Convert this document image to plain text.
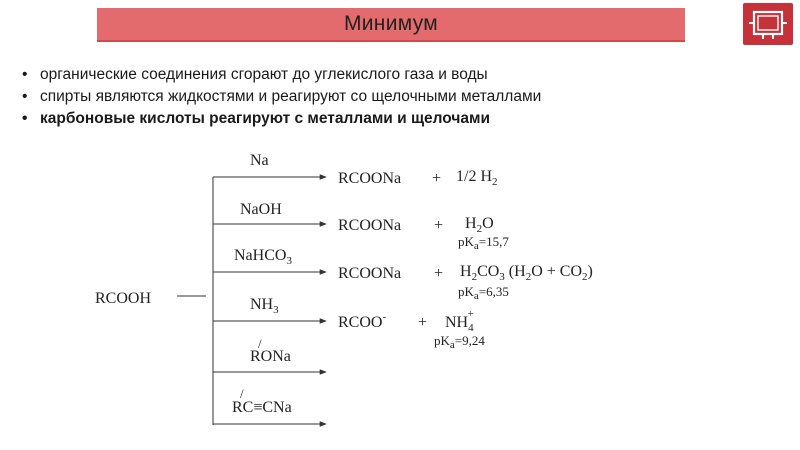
Минимум
• органические соединения сгорают до углекислого газа и воды
• спирты являются жидкостями и реагируют со щелочными металлами
• карбоновые кислоты реагируют с металлами и щелочами
RCOOH
Na
RCOONa + 1/2 $H_2$
NaOH
RCOONa + $H_2O$
$pK_a=15,7$
NaHCO$_3$
RCOONa + $H_2CO_3$ $(H_2O + CO_2)$
$pK_a=6,35$
$NH_3$
RCOO- + $NH_4+$
$pK_a=9,24$
/
RONa
/
RC≡CNa
